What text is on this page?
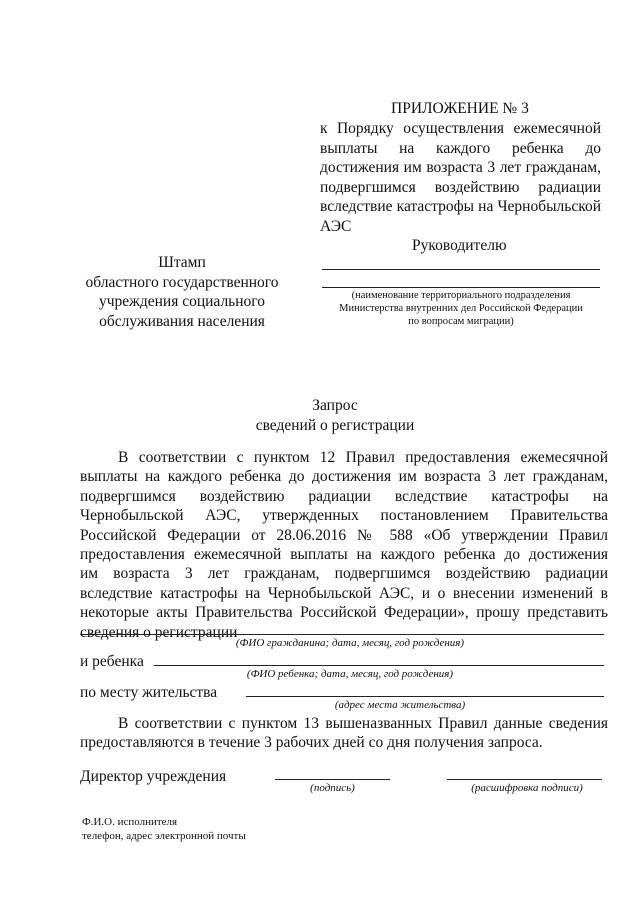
ПРИЛОЖЕНИЕ № 3
к Порядку осуществления ежемесячной
выплаты на каждого ребенка до
достижения им возраста 3 лет гражданам,
подвергшимся воздействию радиации
вследствие катастрофы на Чернобыльской
АЭС
Руководителю
(наименование территориального подразделения
Министерства внутренних дел Российской Федерации
по вопросам миграции)
Штамп
областного государственного
учреждения социального
обслуживания населения
Запрос
сведений о регистрации
В соответствии с пунктом 12 Правил предоставления ежемесячной
выплаты на каждого ребенка до достижения им возраста 3 лет гражданам,
подвергшимся воздействию радиации вследствие катастрофы на
Чернобыльской АЭС, утвержденных постановлением Правительства
Российской Федерации от 28.06.2016 № 588 «Об утверждении Правил
предоставления ежемесячной выплаты на каждого ребенка до достижения
им возраста 3 лет гражданам, подвергшимся воздействию радиации
вследствие катастрофы на Чернобыльской АЭС, и о внесении изменений в
некоторые акты Правительства Российской Федерации», прошу представить
сведения о регистрации
(ФИО гражданина; дата, месяц, год рождения)
и ребенка
(ФИО ребенка; дата, месяц, год рождения)
по месту жительства
(адрес места жительства)
В соответствии с пунктом 13 вышеназванных Правил данные сведения
предоставляются в течение 3 рабочих дней со дня получения запроса.
Директор учреждения
(подпись)	(расшифровка подписи)
Ф.И.О. исполнителя
телефон, адрес электронной почты
